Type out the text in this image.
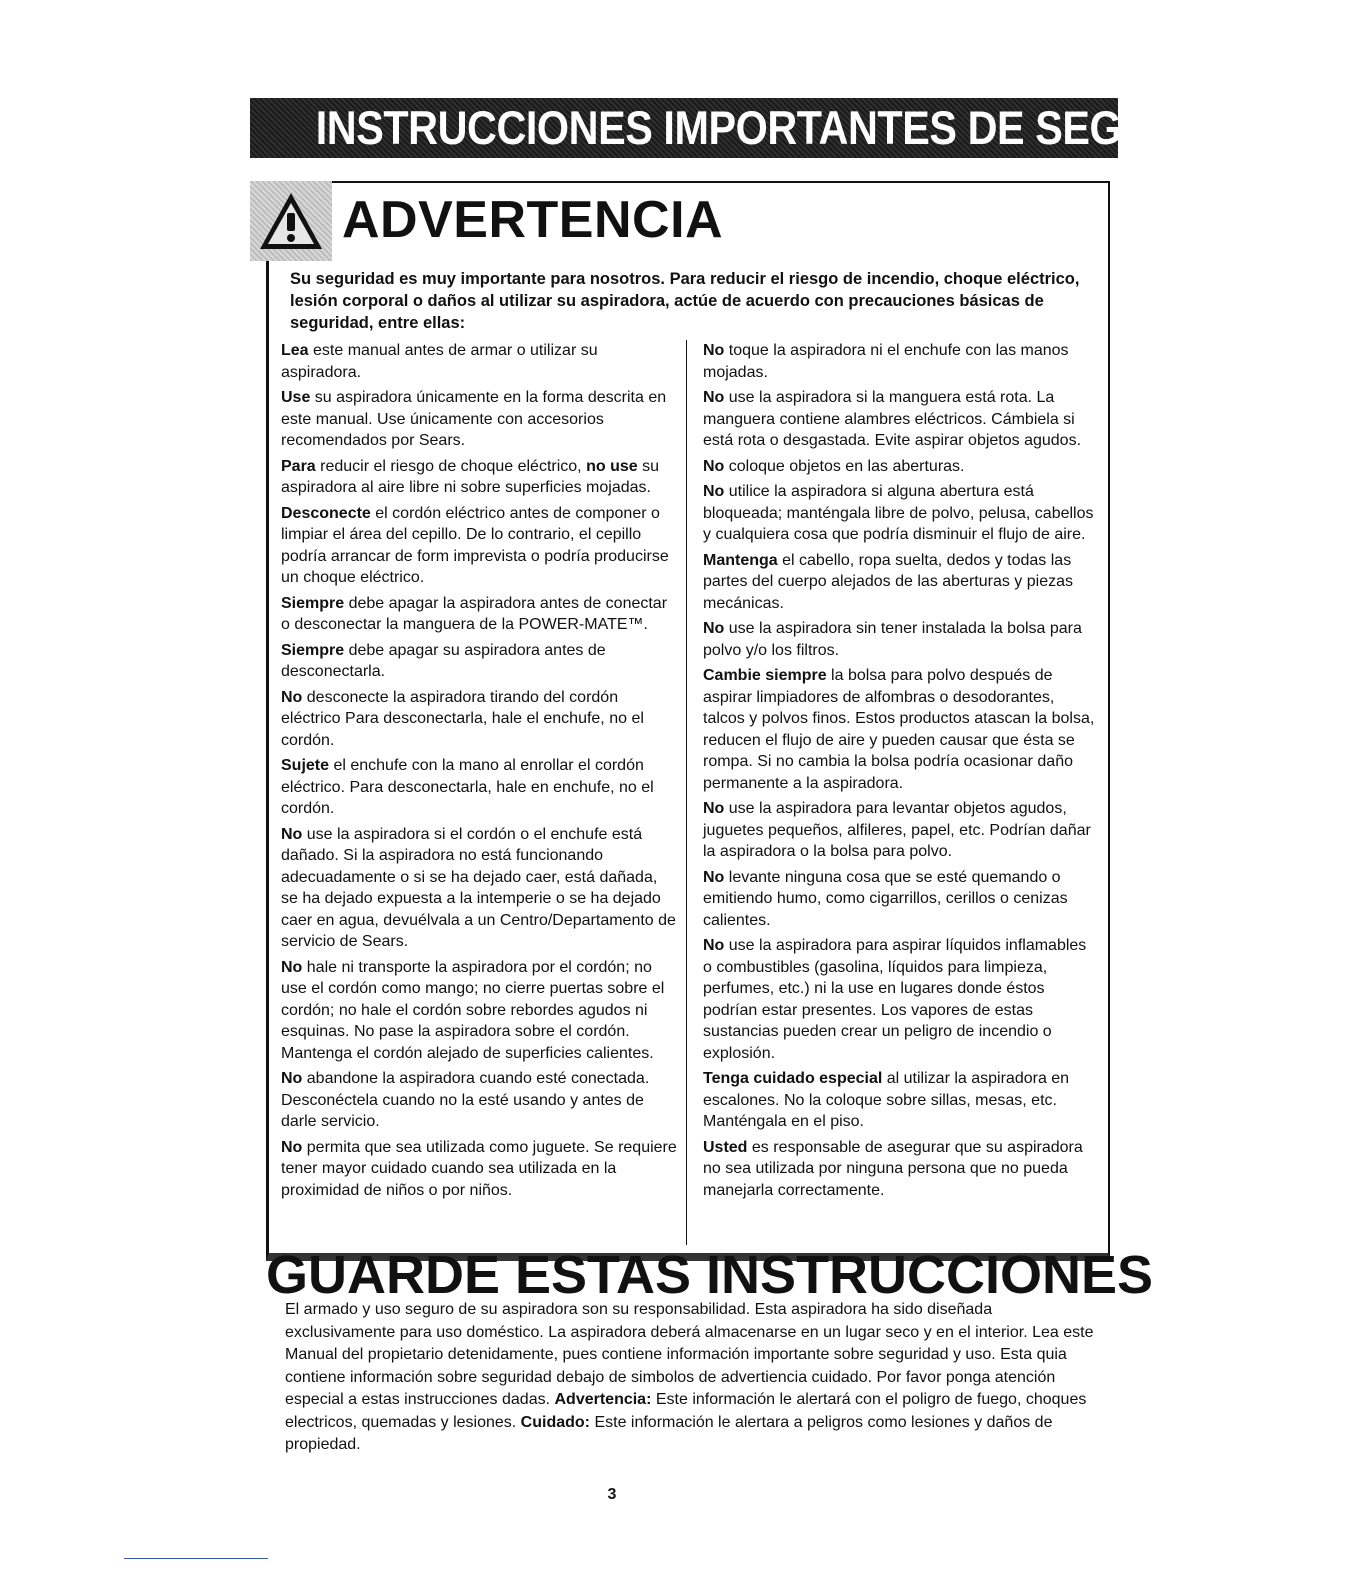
INSTRUCCIONES IMPORTANTES DE SEGURIDAD
ADVERTENCIA
Su seguridad es muy importante para nosotros. Para reducir el riesgo de incendio, choque eléctrico, lesión corporal o daños al utilizar su aspiradora, actúe de acuerdo con precauciones básicas de seguridad, entre ellas:

Lea este manual antes de armar o utilizar su aspiradora.

Use su aspiradora únicamente en la forma descrita en este manual. Use únicamente con accesorios recomendados por Sears.

Para reducir el riesgo de choque eléctrico, no use su aspiradora al aire libre ni sobre superficies mojadas.

Desconecte el cordón eléctrico antes de componer o limpiar el área del cepillo. De lo contrario, el cepillo podría arrancar de form imprevista o podría producirse un choque eléctrico.

Siempre debe apagar la aspiradora antes de conectar o desconectar la manguera de la POWER-MATE™.

Siempre debe apagar su aspiradora antes de desconectarla.

No desconecte la aspiradora tirando del cordón eléctrico Para desconectarla, hale el enchufe, no el cordón.

Sujete el enchufe con la mano al enrollar el cordón eléctrico. Para desconectarla, hale en enchufe, no el cordón.

No use la aspiradora si el cordón o el enchufe está dañado. Si la aspiradora no está funcionando adecuadamente o si se ha dejado caer, está dañada, se ha dejado expuesta a la intemperie o se ha dejado caer en agua, devuélvala a un Centro/Departamento de servicio de Sears.

No hale ni transporte la aspiradora por el cordón; no use el cordón como mango; no cierre puertas sobre el cordón; no hale el cordón sobre rebordes agudos ni esquinas. No pase la aspiradora sobre el cordón. Mantenga el cordón alejado de superficies calientes.

No abandone la aspiradora cuando esté conectada. Desconéctela cuando no la esté usando y antes de darle servicio.

No permita que sea utilizada como juguete. Se requiere tener mayor cuidado cuando sea utilizada en la proximidad de niños o por niños.

No toque la aspiradora ni el enchufe con las manos mojadas.

No use la aspiradora si la manguera está rota. La manguera contiene alambres eléctricos. Cámbiela si está rota o desgastada. Evite aspirar objetos agudos.

No coloque objetos en las aberturas.

No utilice la aspiradora si alguna abertura está bloqueada; manténgala libre de polvo, pelusa, cabellos y cualquiera cosa que podría disminuir el flujo de aire.

Mantenga el cabello, ropa suelta, dedos y todas las partes del cuerpo alejados de las aberturas y piezas mecánicas.

No use la aspiradora sin tener instalada la bolsa para polvo y/o los filtros.

Cambie siempre la bolsa para polvo después de aspirar limpiadores de alfombras o desodorantes, talcos y polvos finos. Estos productos atascan la bolsa, reducen el flujo de aire y pueden causar que ésta se rompa. Si no cambia la bolsa podría ocasionar daño permanente a la aspiradora.

No use la aspiradora para levantar objetos agudos, juguetes pequeños, alfileres, papel, etc. Podrían dañar la aspiradora o la bolsa para polvo.

No levante ninguna cosa que se esté quemando o emitiendo humo, como cigarrillos, cerillos o cenizas calientes.

No use la aspiradora para aspirar líquidos inflamables o combustibles (gasolina, líquidos para limpieza, perfumes, etc.) ni la use en lugares donde éstos podrían estar presentes. Los vapores de estas sustancias pueden crear un peligro de incendio o explosión.

Tenga cuidado especial al utilizar la aspiradora en escalones. No la coloque sobre sillas, mesas, etc. Manténgala en el piso.

Usted es responsable de asegurar que su aspiradora no sea utilizada por ninguna persona que no pueda manejarla correctamente.

GUARDE ESTAS INSTRUCCIONES
El armado y uso seguro de su aspiradora son su responsabilidad. Esta aspiradora ha sido diseñada exclusivamente para uso doméstico. La aspiradora deberá almacenarse en un lugar seco y en el interior. Lea este Manual del propietario detenidamente, pues contiene información importante sobre seguridad y uso. Esta quia contiene información sobre seguridad debajo de simbolos de advertiencia cuidado. Por favor ponga atención especial a estas instrucciones dadas. Advertencia: Este información le alertará con el poligro de fuego, choques electricos, quemadas y lesiones. Cuidado: Este información le alertara a peligros como lesiones y daños de propiedad.
3
